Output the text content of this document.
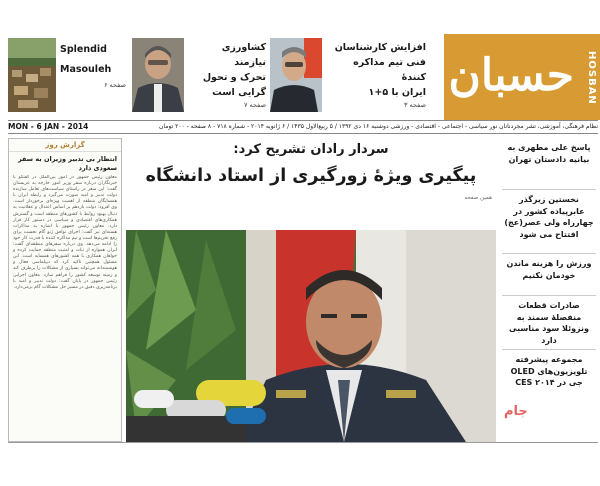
Splendid
Masouleh
صفحه ۶
کشاورزی نیازمند
تحرک و تحول
گرایی است
صفحه ۷
افزایش کارشناسان
فنی تیم مذاکره کنندهٔ
ایران با ۵+۱
صفحه ۳
حسبان	HOSBAN
MON - 6 JAN - 2014	نظام فرهنگی، آموزشی، تشر مجردنانان نور سیاسی - اجتماعی - اقتصادی - ورزشی دوشنبه ۱۶ دی ۱۳۹۲ / ۵ ربیع‌الاول ۱۴۳۵ / ۶ ژانویه ۲۰۱۴ - شماره ۷۱۸ - ۸ صفحه - ۲۰۰ تومان
گزارش روز
انتظار بی‌ تدبیر وزیران به سفر سعودی دارد
معاون رئیس جمهور در امور بین‌الملل در گفتگو با خبرنگاران درباره سفر وزیر امور خارجه به عربستان گفت: این سفر در راستای سیاست‌های تعامل سازنده دولت تدبیر و امید صورت می‌گیرد و رابطه ایران با همسایگان منطقه از اهمیت ویژه‌ای برخوردار است. وی افزود: دولت یازدهم بر اساس اعتدال و عقلانیت به دنبال بهبود روابط با کشورهای منطقه است و گسترش همکاری‌های اقتصادی و سیاسی در دستور کار قرار دارد. معاون رئیس جمهور با اشاره به مذاکرات هسته‌ای نیز گفت: اجرای توافق ژنو گام نخست برای رفع تحریم‌ها است و تیم مذاکره کننده با قدرت کار خود را ادامه می‌دهد. وی درباره سفرهای منطقه‌ای گفت: ایران همواره از ثبات و امنیت منطقه حمایت کرده و خواهان همکاری با همه کشورهای همسایه است. این مسئول همچنین تاکید کرد که دیپلماسی فعال و هوشمندانه می‌تواند بسیاری از مشکلات را برطرف کند و زمینه توسعه کشور را فراهم سازد. معاون اجرایی رئیس جمهور در پایان گفت: دولت تدبیر و امید با برنامه‌ریزی دقیق در مسیر حل مشکلات گام برمی‌دارد.
سردار رادان تشریح کرد:
پیگیری ویژهٔ زورگیری از استاد دانشگاه
همین صفحه
پاسخ علی مطهری به بیانیه دادستان تهران
نخستین زیرگذر عابرپیاده کشور در چهارراه ولی عصر(عج) افتتاح می شود
ورزش را هزینه ماندن خودمان نکنیم
صادرات قطعات منفصلهٔ سمند به ونزوئلا سود مناسبی دارد
مجموعه پیشرفته تلویزیون‌های OLED جی در CES ۲۰۱۴
جام
